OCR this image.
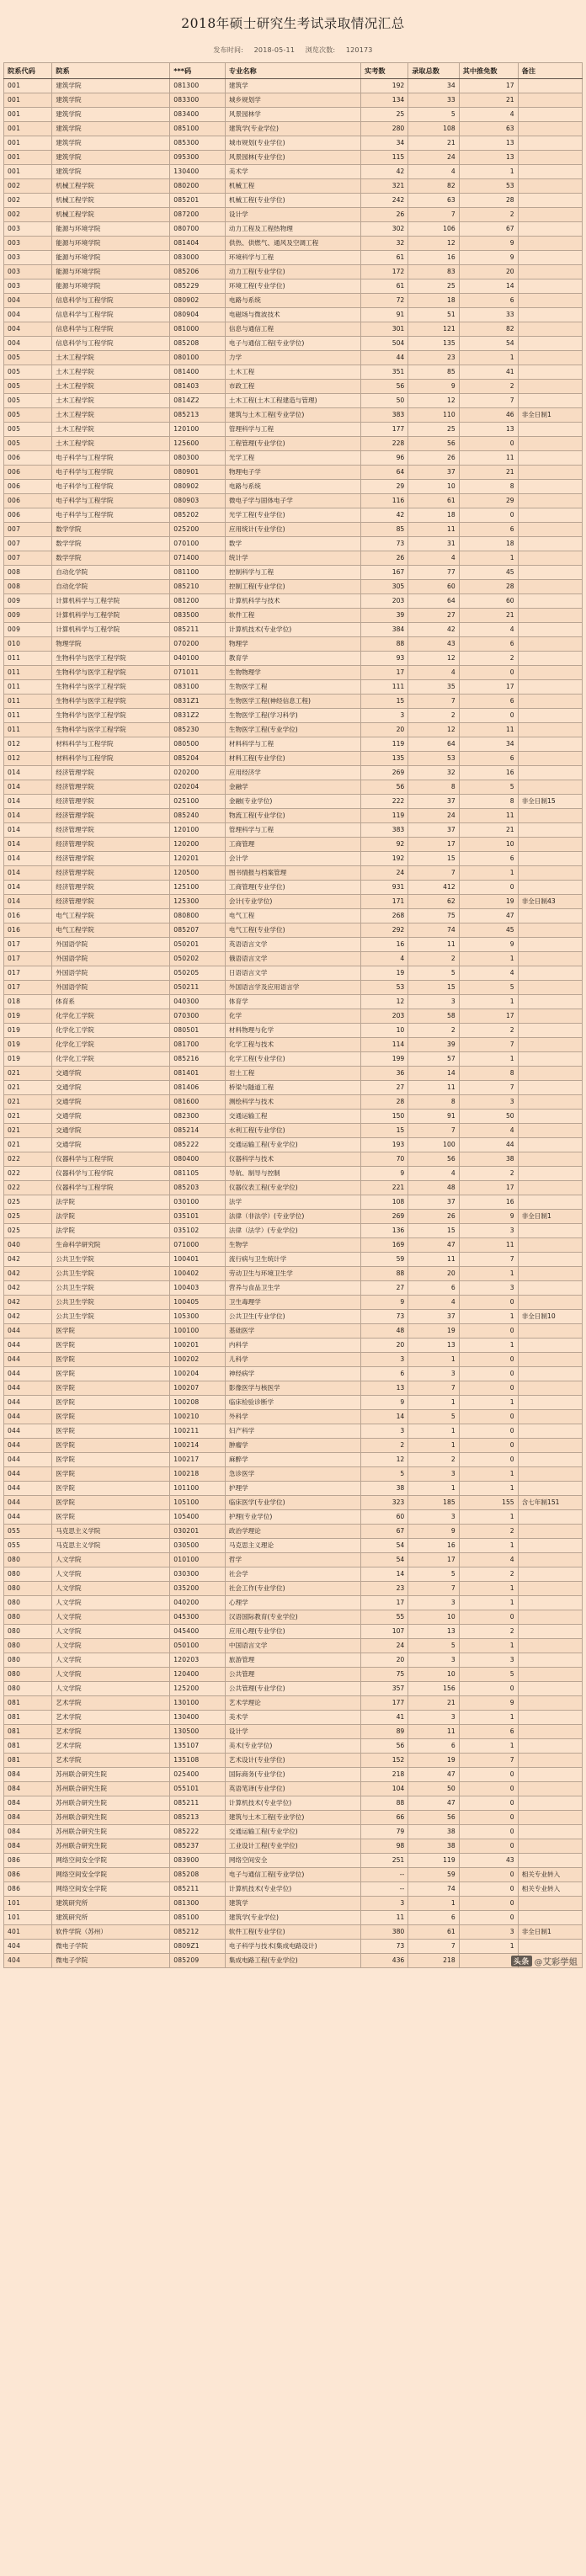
2018年硕士研究生考试录取情况汇总
发布时间: 2018-05-11 浏览次数: 120173
院系代码	院系	***码	专业名称	实考数	录取总数	其中推免数	备注
001	建筑学院	081300	建筑学	192	34	17	
001	建筑学院	083300	城乡规划学	134	33	21	
001	建筑学院	083400	风景园林学	25	5	4	
001	建筑学院	085100	建筑学(专业学位)	280	108	63	
001	建筑学院	085300	城市规划(专业学位)	34	21	13	
001	建筑学院	095300	风景园林(专业学位)	115	24	13	
001	建筑学院	130400	美术学	42	4	1	
002	机械工程学院	080200	机械工程	321	82	53	
002	机械工程学院	085201	机械工程(专业学位)	242	63	28	
002	机械工程学院	087200	设计学	26	7	2	
003	能源与环境学院	080700	动力工程及工程热物理	302	106	67	
003	能源与环境学院	081404	供热、供燃气、通风及空调工程	32	12	9	
003	能源与环境学院	083000	环境科学与工程	61	16	9	
003	能源与环境学院	085206	动力工程(专业学位)	172	83	20	
003	能源与环境学院	085229	环境工程(专业学位)	61	25	14	
004	信息科学与工程学院	080902	电路与系统	72	18	6	
004	信息科学与工程学院	080904	电磁场与微波技术	91	51	33	
004	信息科学与工程学院	081000	信息与通信工程	301	121	82	
004	信息科学与工程学院	085208	电子与通信工程(专业学位)	504	135	54	
005	土木工程学院	080100	力学	44	23	1	
005	土木工程学院	081400	土木工程	351	85	41	
005	土木工程学院	081403	市政工程	56	9	2	
005	土木工程学院	0814Z2	土木工程(土木工程建造与管理)	50	12	7	
005	土木工程学院	085213	建筑与土木工程(专业学位)	383	110	46	非全日制1
005	土木工程学院	120100	管理科学与工程	177	25	13	
005	土木工程学院	125600	工程管理(专业学位)	228	56	0	
006	电子科学与工程学院	080300	光学工程	96	26	11	
006	电子科学与工程学院	080901	物理电子学	64	37	21	
006	电子科学与工程学院	080902	电路与系统	29	10	8	
006	电子科学与工程学院	080903	微电子学与固体电子学	116	61	29	
006	电子科学与工程学院	085202	光学工程(专业学位)	42	18	0	
007	数学学院	025200	应用统计(专业学位)	85	11	6	
007	数学学院	070100	数学	73	31	18	
007	数学学院	071400	统计学	26	4	1	
008	自动化学院	081100	控制科学与工程	167	77	45	
008	自动化学院	085210	控制工程(专业学位)	305	60	28	
009	计算机科学与工程学院	081200	计算机科学与技术	203	64	60	
009	计算机科学与工程学院	083500	软件工程	39	27	21	
009	计算机科学与工程学院	085211	计算机技术(专业学位)	384	42	4	
010	物理学院	070200	物理学	88	43	6	
011	生物科学与医学工程学院	040100	教育学	93	12	2	
011	生物科学与医学工程学院	071011	生物物理学	17	4	0	
011	生物科学与医学工程学院	083100	生物医学工程	111	35	17	
011	生物科学与医学工程学院	0831Z1	生物医学工程(神经信息工程)	15	7	6	
011	生物科学与医学工程学院	0831Z2	生物医学工程(学习科学)	3	2	0	
011	生物科学与医学工程学院	085230	生物医学工程(专业学位)	20	12	11	
012	材料科学与工程学院	080500	材料科学与工程	119	64	34	
012	材料科学与工程学院	085204	材料工程(专业学位)	135	53	6	
014	经济管理学院	020200	应用经济学	269	32	16	
014	经济管理学院	020204	金融学	56	8	5	
014	经济管理学院	025100	金融(专业学位)	222	37	8	非全日制15
014	经济管理学院	085240	物流工程(专业学位)	119	24	11	
014	经济管理学院	120100	管理科学与工程	383	37	21	
014	经济管理学院	120200	工商管理	92	17	10	
014	经济管理学院	120201	会计学	192	15	6	
014	经济管理学院	120500	图书情报与档案管理	24	7	1	
014	经济管理学院	125100	工商管理(专业学位)	931	412	0	
014	经济管理学院	125300	会计(专业学位)	171	62	19	非全日制43
016	电气工程学院	080800	电气工程	268	75	47	
016	电气工程学院	085207	电气工程(专业学位)	292	74	45	
017	外国语学院	050201	英语语言文学	16	11	9	
017	外国语学院	050202	俄语语言文学	4	2	1	
017	外国语学院	050205	日语语言文学	19	5	4	
017	外国语学院	050211	外国语言学及应用语言学	53	15	5	
018	体育系	040300	体育学	12	3	1	
019	化学化工学院	070300	化学	203	58	17	
019	化学化工学院	080501	材料物理与化学	10	2	2	
019	化学化工学院	081700	化学工程与技术	114	39	7	
019	化学化工学院	085216	化学工程(专业学位)	199	57	1	
021	交通学院	081401	岩土工程	36	14	8	
021	交通学院	081406	桥梁与隧道工程	27	11	7	
021	交通学院	081600	测绘科学与技术	28	8	3	
021	交通学院	082300	交通运输工程	150	91	50	
021	交通学院	085214	水利工程(专业学位)	15	7	4	
021	交通学院	085222	交通运输工程(专业学位)	193	100	44	
022	仪器科学与工程学院	080400	仪器科学与技术	70	56	38	
022	仪器科学与工程学院	081105	导航、制导与控制	9	4	2	
022	仪器科学与工程学院	085203	仪器仪表工程(专业学位)	221	48	17	
025	法学院	030100	法学	108	37	16	
025	法学院	035101	法律（非法学）(专业学位)	269	26	9	非全日制1
025	法学院	035102	法律（法学）(专业学位)	136	15	3	
040	生命科学研究院	071000	生物学	169	47	11	
042	公共卫生学院	100401	流行病与卫生统计学	59	11	7	
042	公共卫生学院	100402	劳动卫生与环境卫生学	88	20	1	
042	公共卫生学院	100403	营养与食品卫生学	27	6	3	
042	公共卫生学院	100405	卫生毒理学	9	4	0	
042	公共卫生学院	105300	公共卫生(专业学位)	73	37	1	非全日制10
044	医学院	100100	基础医学	48	19	0	
044	医学院	100201	内科学	20	13	1	
044	医学院	100202	儿科学	3	1	0	
044	医学院	100204	神经病学	6	3	0	
044	医学院	100207	影像医学与核医学	13	7	0	
044	医学院	100208	临床检验诊断学	9	1	1	
044	医学院	100210	外科学	14	5	0	
044	医学院	100211	妇产科学	3	1	0	
044	医学院	100214	肿瘤学	2	1	0	
044	医学院	100217	麻醉学	12	2	0	
044	医学院	100218	急诊医学	5	3	1	
044	医学院	101100	护理学	38	1	1	
044	医学院	105100	临床医学(专业学位)	323	185	155	含七年制151
044	医学院	105400	护理(专业学位)	60	3	1	
055	马克思主义学院	030201	政治学理论	67	9	2	
055	马克思主义学院	030500	马克思主义理论	54	16	1	
080	人文学院	010100	哲学	54	17	4	
080	人文学院	030300	社会学	14	5	2	
080	人文学院	035200	社会工作(专业学位)	23	7	1	
080	人文学院	040200	心理学	17	3	1	
080	人文学院	045300	汉语国际教育(专业学位)	55	10	0	
080	人文学院	045400	应用心理(专业学位)	107	13	2	
080	人文学院	050100	中国语言文学	24	5	1	
080	人文学院	120203	旅游管理	20	3	3	
080	人文学院	120400	公共管理	75	10	5	
080	人文学院	125200	公共管理(专业学位)	357	156	0	
081	艺术学院	130100	艺术学理论	177	21	9	
081	艺术学院	130400	美术学	41	3	1	
081	艺术学院	130500	设计学	89	11	6	
081	艺术学院	135107	美术(专业学位)	56	6	1	
081	艺术学院	135108	艺术设计(专业学位)	152	19	7	
084	苏州联合研究生院	025400	国际商务(专业学位)	218	47	0	
084	苏州联合研究生院	055101	英语笔译(专业学位)	104	50	0	
084	苏州联合研究生院	085211	计算机技术(专业学位)	88	47	0	
084	苏州联合研究生院	085213	建筑与土木工程(专业学位)	66	56	0	
084	苏州联合研究生院	085222	交通运输工程(专业学位)	79	38	0	
084	苏州联合研究生院	085237	工业设计工程(专业学位)	98	38	0	
086	网络空间安全学院	083900	网络空间安全	251	119	43	
086	网络空间安全学院	085208	电子与通信工程(专业学位)	--	59	0	相关专业转入
086	网络空间安全学院	085211	计算机技术(专业学位)	--	74	0	相关专业转入
101	建筑研究所	081300	建筑学	3	1	0	
101	建筑研究所	085100	建筑学(专业学位)	11	6	0	
401	软件学院（苏州）	085212	软件工程(专业学位)	380	61	3	非全日制1
404	微电子学院	0809Z1	电子科学与技术(集成电路设计)	73	7	1	
404	微电子学院	085209	集成电路工程(专业学位)	436	218			头条 @艾彩学姐
